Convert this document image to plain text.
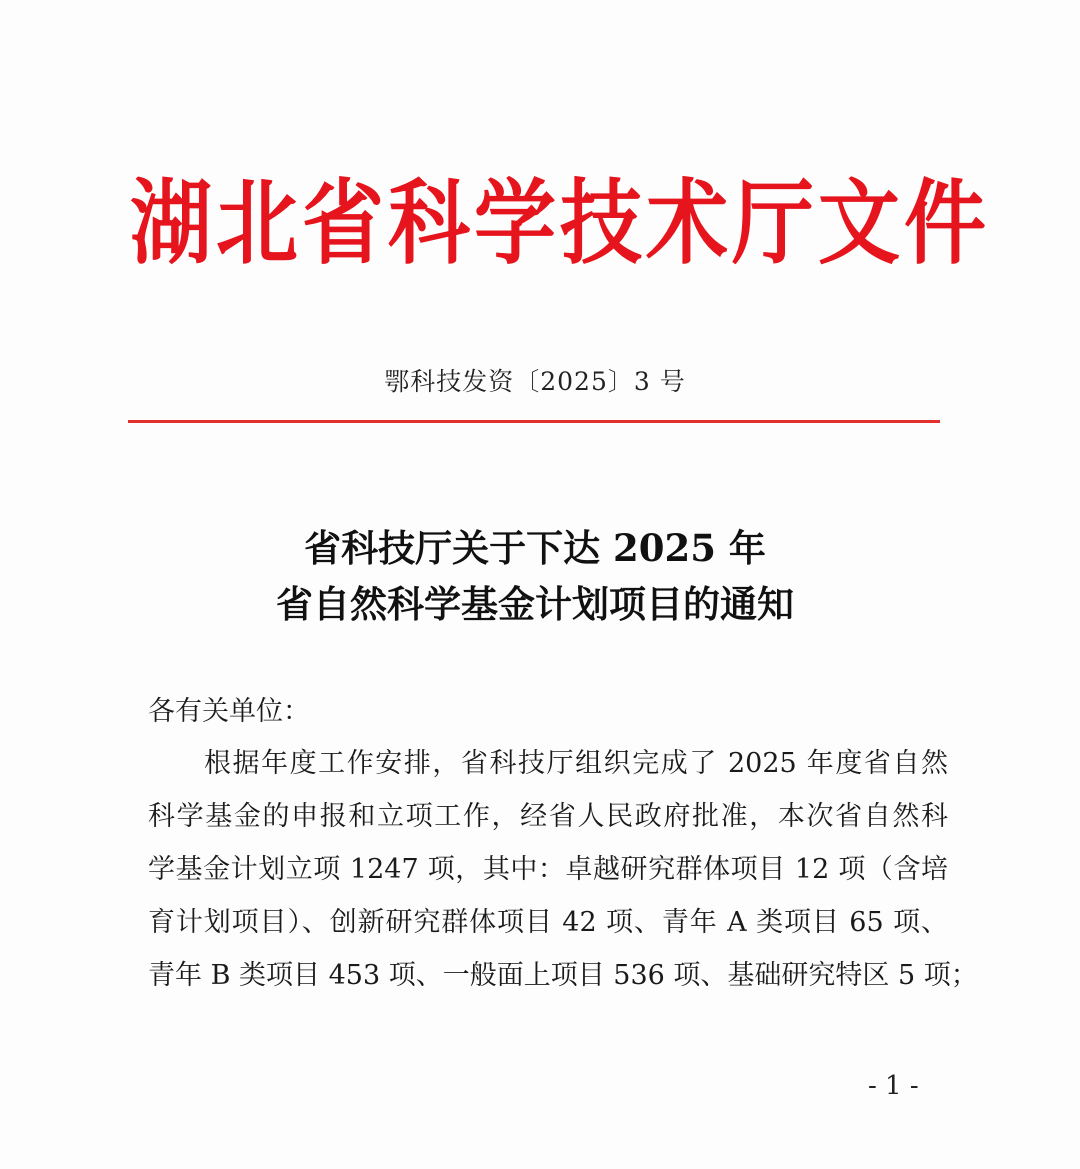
湖北省科学技术厅文件
鄂科技发资〔2025〕3 号
省科技厅关于下达 2025 年
省自然科学基金计划项目的通知
各有关单位：
根据年度工作安排，省科技厅组织完成了 2025 年度省自然
科学基金的申报和立项工作，经省人民政府批准，本次省自然科
学基金计划立项 1247 项，其中：卓越研究群体项目 12 项（含培
育计划项目）、创新研究群体项目 42 项、青年 A 类项目 65 项、
青年 B 类项目 453 项、一般面上项目 536 项、基础研究特区 5 项；
- 1 -
